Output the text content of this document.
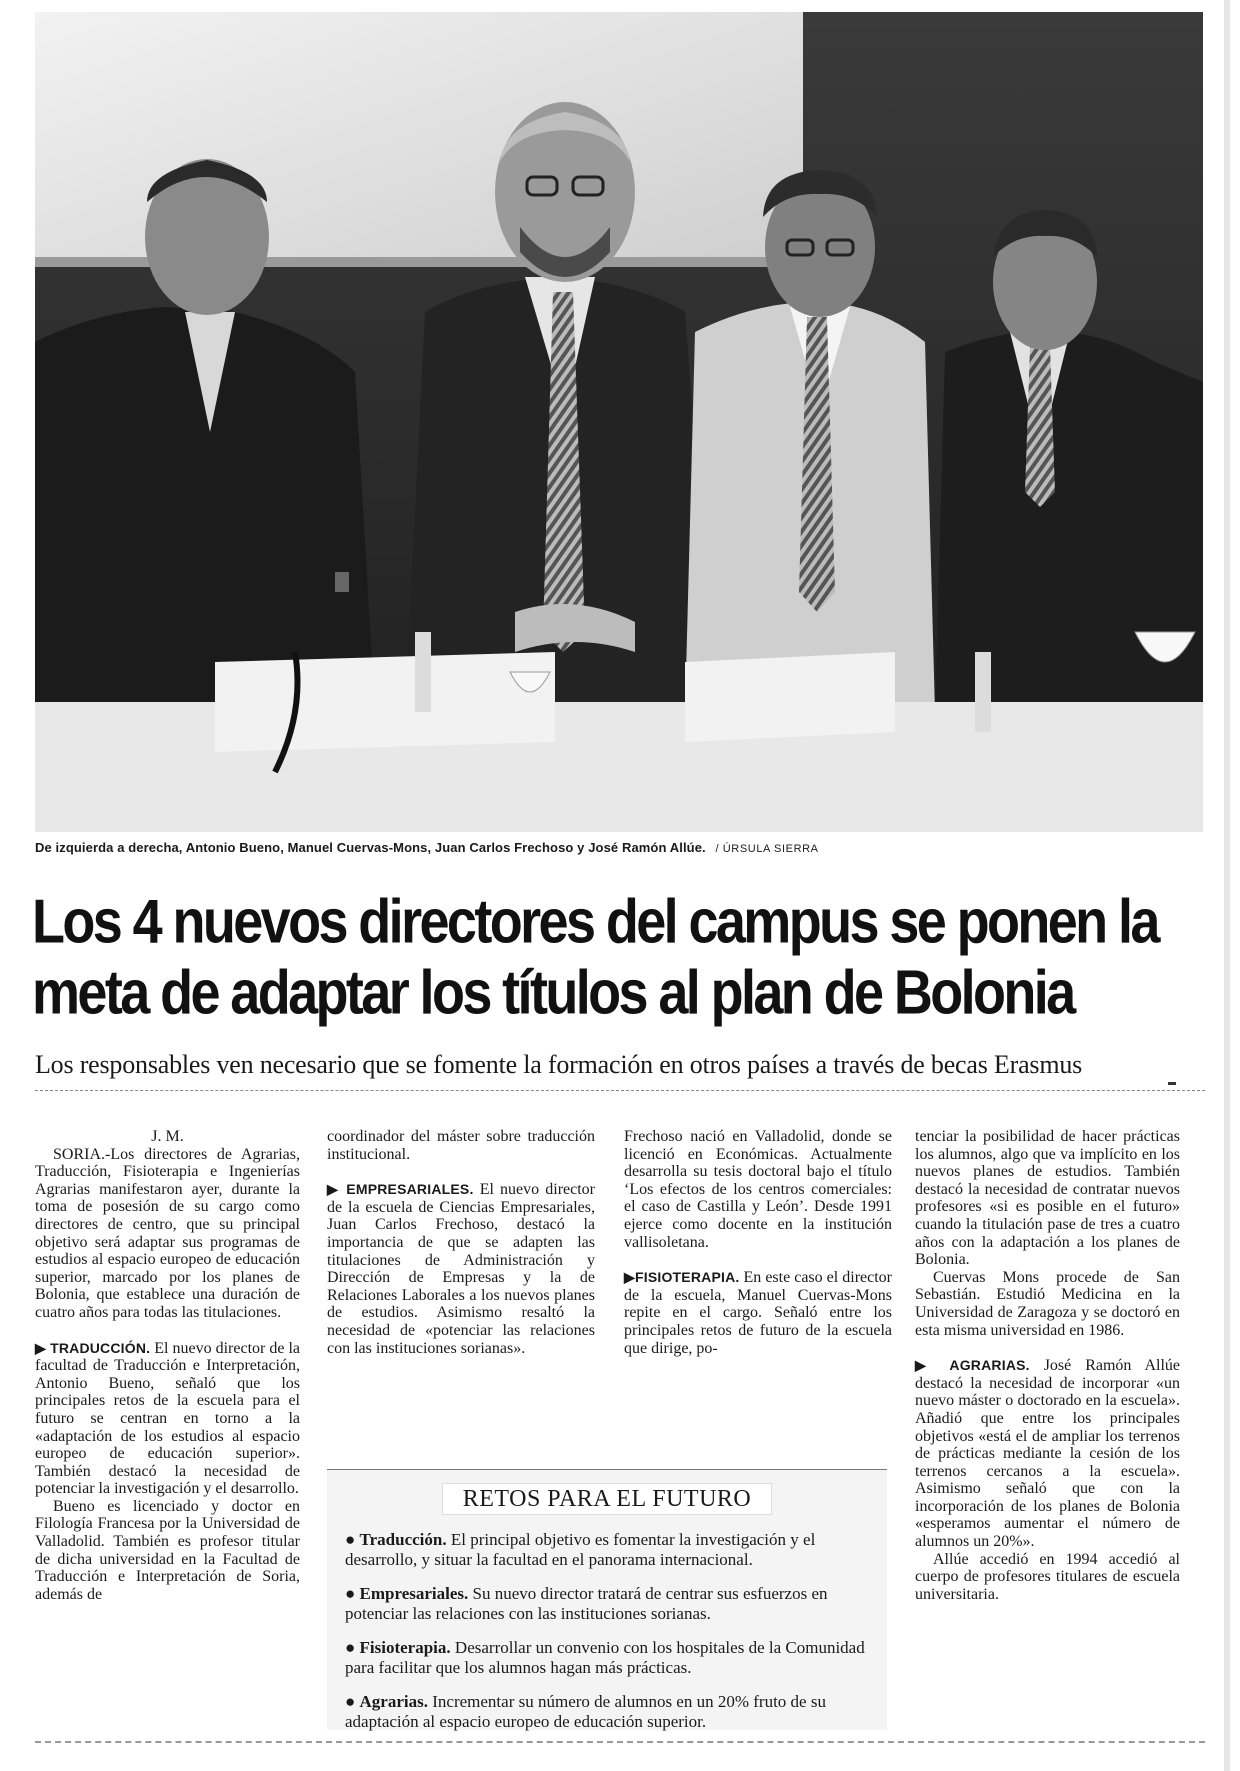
De izquierda a derecha, Antonio Bueno, Manuel Cuervas-Mons, Juan Carlos Frechoso y José Ramón Allúe. / ÚRSULA SIERRA
Los 4 nuevos directores del campus se ponen la meta de adaptar los títulos al plan de Bolonia
Los responsables ven necesario que se fomente la formación en otros países a través de becas Erasmus

J. M.

SORIA.-Los directores de Agrarias, Traducción, Fisioterapia e Ingenierías Agrarias manifestaron ayer, durante la toma de posesión de su cargo como directores de centro, que su principal objetivo será adaptar sus programas de estudios al espacio europeo de educación superior, marcado por los planes de Bolonia, que establece una duración de cuatro años para todas las titulaciones.

▶ TRADUCCIÓN. El nuevo director de la facultad de Traducción e Interpretación, Antonio Bueno, señaló que los principales retos de la escuela para el futuro se centran en torno a la «adaptación de los estudios al espacio europeo de educación superior». También destacó la necesidad de potenciar la investigación y el desarrollo.

Bueno es licenciado y doctor en Filología Francesa por la Universidad de Valladolid. También es profesor titular de dicha universidad en la Facultad de Traducción e Interpretación de Soria, además de

coordinador del máster sobre traducción institucional.

▶ EMPRESARIALES. El nuevo director de la escuela de Ciencias Empresariales, Juan Carlos Frechoso, destacó la importancia de que se adapten las titulaciones de Administración y Dirección de Empresas y la de Relaciones Laborales a los nuevos planes de estudios. Asimismo resaltó la necesidad de «potenciar las relaciones con las instituciones sorianas».

Frechoso nació en Valladolid, donde se licenció en Económicas. Actualmente desarrolla su tesis doctoral bajo el título ‘Los efectos de los centros comerciales: el caso de Castilla y León’. Desde 1991 ejerce como docente en la institución vallisoletana.

▶FISIOTERAPIA. En este caso el director de la escuela, Manuel Cuervas-Mons repite en el cargo. Señaló entre los principales retos de futuro de la escuela que dirige, po-

tenciar la posibilidad de hacer prácticas los alumnos, algo que va implícito en los nuevos planes de estudios. También destacó la necesidad de contratar nuevos profesores «si es posible en el futuro» cuando la titulación pase de tres a cuatro años con la adaptación a los planes de Bolonia.

Cuervas Mons procede de San Sebastián. Estudió Medicina en la Universidad de Zaragoza y se doctoró en esta misma universidad en 1986.

▶ AGRARIAS. José Ramón Allúe destacó la necesidad de incorporar «un nuevo máster o doctorado en la escuela». Añadió que entre los principales objetivos «está el de ampliar los terrenos de prácticas mediante la cesión de los terrenos cercanos a la escuela». Asimismo señaló que con la incorporación de los planes de Bolonia «esperamos aumentar el número de alumnos un 20%».

Allúe accedió en 1994 accedió al cuerpo de profesores titulares de escuela universitaria.

RETOS PARA EL FUTURO
● Traducción. El principal objetivo es fomentar la investigación y el desarrollo, y situar la facultad en el panorama internacional.
● Empresariales. Su nuevo director tratará de centrar sus esfuerzos en potenciar las relaciones con las instituciones sorianas.
● Fisioterapia. Desarrollar un convenio con los hospitales de la Comunidad para facilitar que los alumnos hagan más prácticas.
● Agrarias. Incrementar su número de alumnos en un 20% fruto de su adaptación al espacio europeo de educación superior.
